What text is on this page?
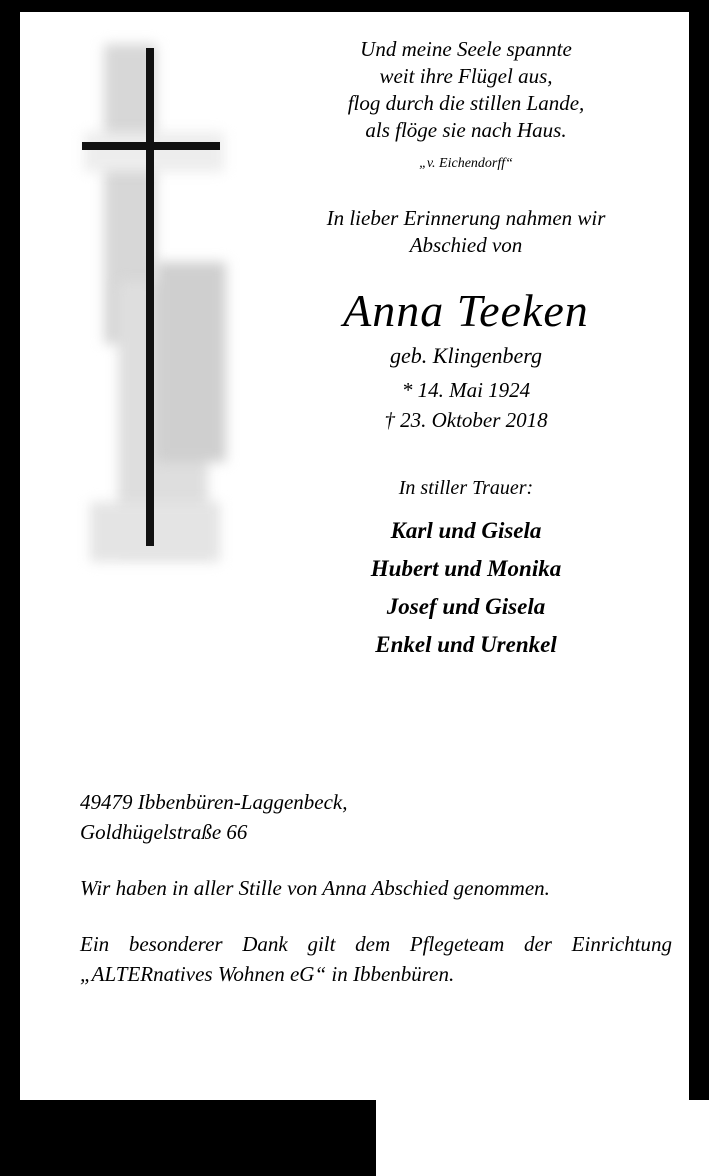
Und meine Seele spannte
weit ihre Flügel aus,
flog durch die stillen Lande,
als flöge sie nach Haus.
„v. Eichendorff“
In lieber Erinnerung nahmen wir
Abschied von
Anna Teeken
geb. Klingenberg
* 14. Mai 1924
† 23. Oktober 2018
In stiller Trauer:
Karl und Gisela
Hubert und Monika
Josef und Gisela
Enkel und Urenkel

49479 Ibbenbüren-Laggenbeck,

Goldhügelstraße 66

Wir haben in aller Stille von Anna Abschied genommen.

Ein besonderer Dank gilt dem Pflegeteam der Einrichtung „ALTERnatives Wohnen eG“ in Ibbenbüren.
